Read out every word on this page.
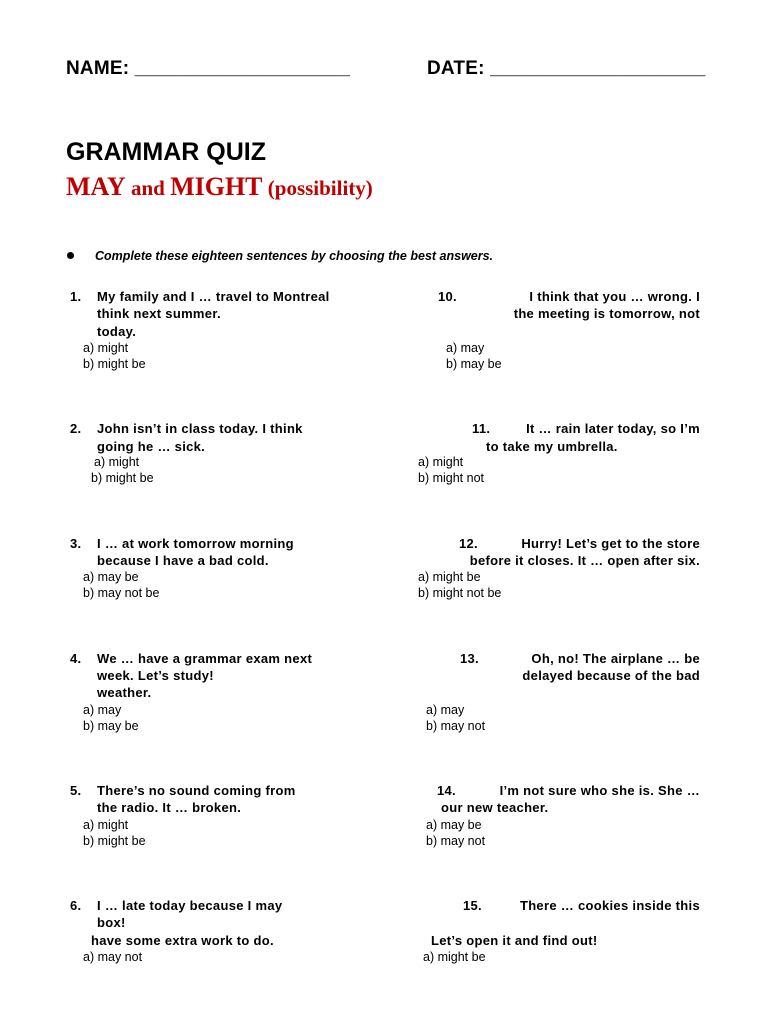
NAME: ____________________	DATE: ____________________
GRAMMAR QUIZ
MAY and MIGHT (possibility)
Complete these eighteen sentences by choosing the best answers.
1. My family and I … travel to Montreal
think next summer.
today.
a) might
b) might be
10.	I think that you … wrong. I
the meeting is tomorrow, not
a) may
b) may be
2. John isn’t in class today. I think
going he … sick.
a) might
b) might be
11.	It … rain later today, so I’m
to take my umbrella.
a) might
b) might not
3. I … at work tomorrow morning
because I have a bad cold.
a) may be
b) may not be
12.	Hurry! Let’s get to the store
before it closes. It … open after six.
a) might be
b) might not be
4. We … have a grammar exam next
week. Let’s study!
weather.
a) may
b) may be
13.	Oh, no! The airplane … be
delayed because of the bad
a) may
b) may not
5. There’s no sound coming from
the radio. It … broken.
a) might
b) might be
14.	I’m not sure who she is. She …
our new teacher.
a) may be
b) may not
6. I … late today because I may
box!
have some extra work to do.
a) may not
15.	There … cookies inside this
Let’s open it and find out!
a) might be
